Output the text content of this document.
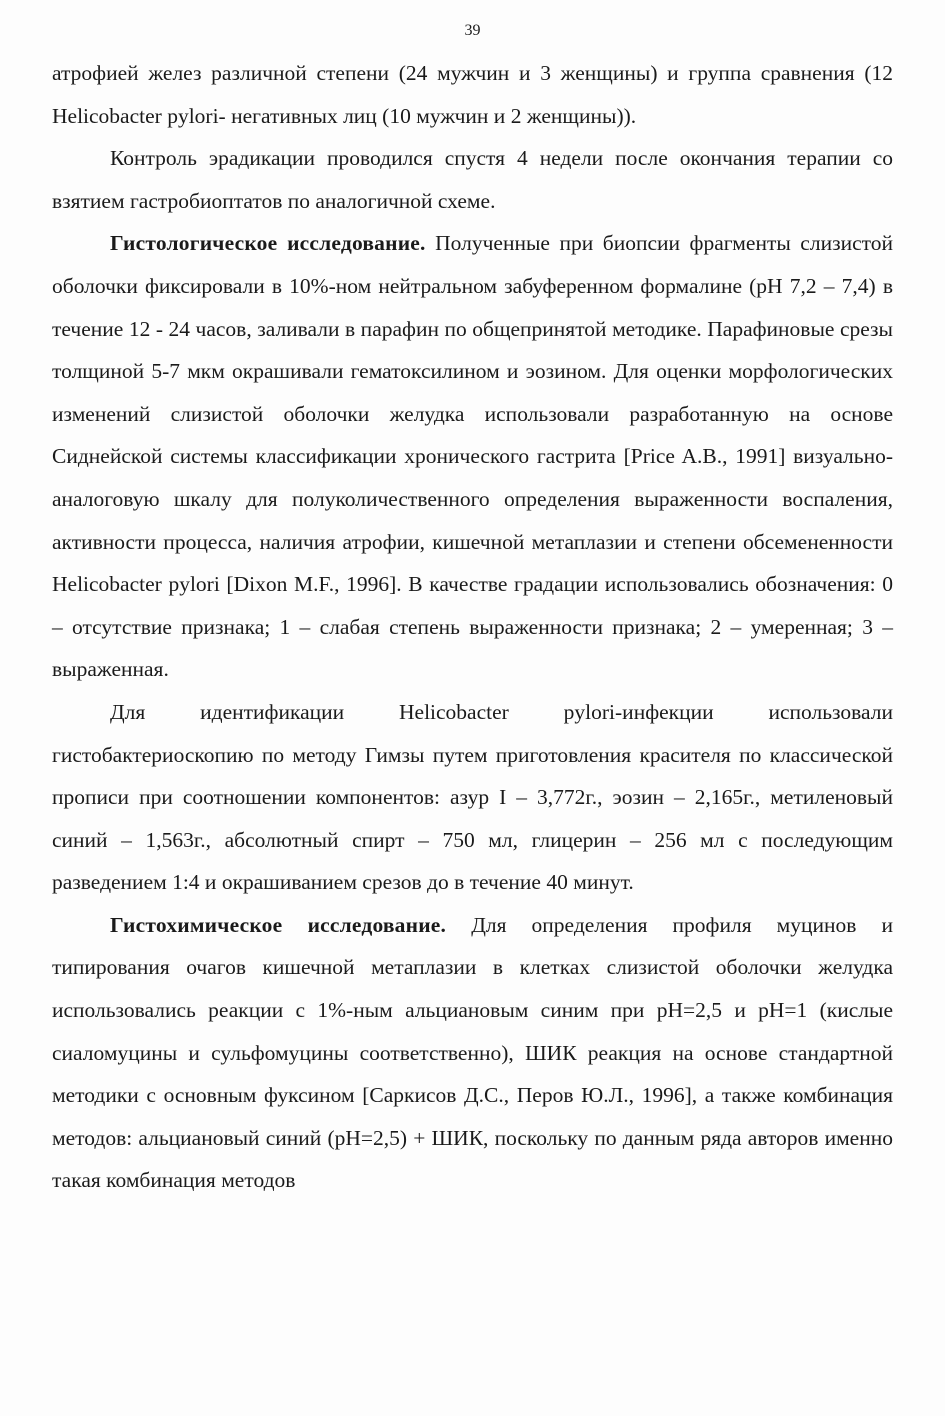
39

атрофией желез различной степени (24 мужчин и 3 женщины) и группа сравнения (12 Helicobacter pylori- негативных лиц (10 мужчин и 2 женщины)).

Контроль эрадикации проводился спустя 4 недели после окончания терапии со взятием гастробиоптатов по аналогичной схеме.

Гистологическое исследование. Полученные при биопсии фрагменты слизистой оболочки фиксировали в 10%-ном нейтральном забуференном формалине (pH 7,2 – 7,4) в течение 12 - 24 часов, заливали в парафин по общепринятой методике. Парафиновые срезы толщиной 5-7 мкм окрашивали гематоксилином и эозином. Для оценки морфологических изменений слизистой оболочки желудка использовали разработанную на основе Сиднейской системы классификации хронического гастрита [Price A.B., 1991] визуально-аналоговую шкалу для полуколичественного определения выраженности воспаления, активности процесса, наличия атрофии, кишечной метаплазии и степени обсемененности Helicobacter pylori [Dixon M.F., 1996]. В качестве градации использовались обозначения: 0 – отсутствие признака; 1 – слабая степень выраженности признака; 2 – умеренная; 3 – выраженная.

Для идентификации Helicobacter pylori-инфекции использовали гистобактериоскопию по методу Гимзы путем приготовления красителя по классической прописи при соотношении компонентов: азур I – 3,772г., эозин – 2,165г., метиленовый синий – 1,563г., абсолютный спирт – 750 мл, глицерин – 256 мл с последующим разведением 1:4 и окрашиванием срезов до в течение 40 минут.

Гистохимическое исследование. Для определения профиля муцинов и типирования очагов кишечной метаплазии в клетках слизистой оболочки желудка использовались реакции с 1%-ным альциановым синим при pH=2,5 и pH=1 (кислые сиаломуцины и сульфомуцины соответственно), ШИК реакция на основе стандартной методики с основным фуксином [Саркисов Д.С., Перов Ю.Л., 1996], а также комбинация методов: альциановый синий (pH=2,5) + ШИК, поскольку по данным ряда авторов именно такая комбинация методов
